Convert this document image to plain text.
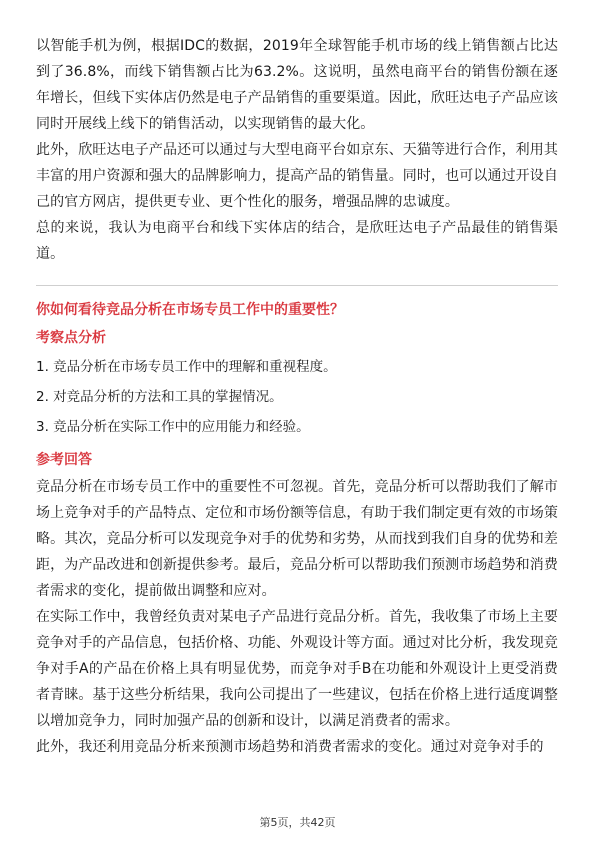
以智能手机为例，根据IDC的数据，2019年全球智能手机市场的线上销售额占比达到了36.8%，而线下销售额占比为63.2%。这说明，虽然电商平台的销售份额在逐年增长，但线下实体店仍然是电子产品销售的重要渠道。因此，欣旺达电子产品应该同时开展线上线下的销售活动，以实现销售的最大化。

此外，欣旺达电子产品还可以通过与大型电商平台如京东、天猫等进行合作，利用其丰富的用户资源和强大的品牌影响力，提高产品的销售量。同时，也可以通过开设自己的官方网店，提供更专业、更个性化的服务，增强品牌的忠诚度。

总的来说，我认为电商平台和线下实体店的结合，是欣旺达电子产品最佳的销售渠道。

你如何看待竞品分析在市场专员工作中的重要性？

考察点分析

1. 竞品分析在市场专员工作中的理解和重视程度。

2. 对竞品分析的方法和工具的掌握情况。

3. 竞品分析在实际工作中的应用能力和经验。

参考回答

竞品分析在市场专员工作中的重要性不可忽视。首先，竞品分析可以帮助我们了解市场上竞争对手的产品特点、定位和市场份额等信息，有助于我们制定更有效的市场策略。其次，竞品分析可以发现竞争对手的优势和劣势，从而找到我们自身的优势和差距，为产品改进和创新提供参考。最后，竞品分析可以帮助我们预测市场趋势和消费者需求的变化，提前做出调整和应对。

在实际工作中，我曾经负责对某电子产品进行竞品分析。首先，我收集了市场上主要竞争对手的产品信息，包括价格、功能、外观设计等方面。通过对比分析，我发现竞争对手A的产品在价格上具有明显优势，而竞争对手B在功能和外观设计上更受消费者青睐。基于这些分析结果，我向公司提出了一些建议，包括在价格上进行适度调整以增加竞争力，同时加强产品的创新和设计，以满足消费者的需求。

此外，我还利用竞品分析来预测市场趋势和消费者需求的变化。通过对竞争对手的

第5页，共42页
